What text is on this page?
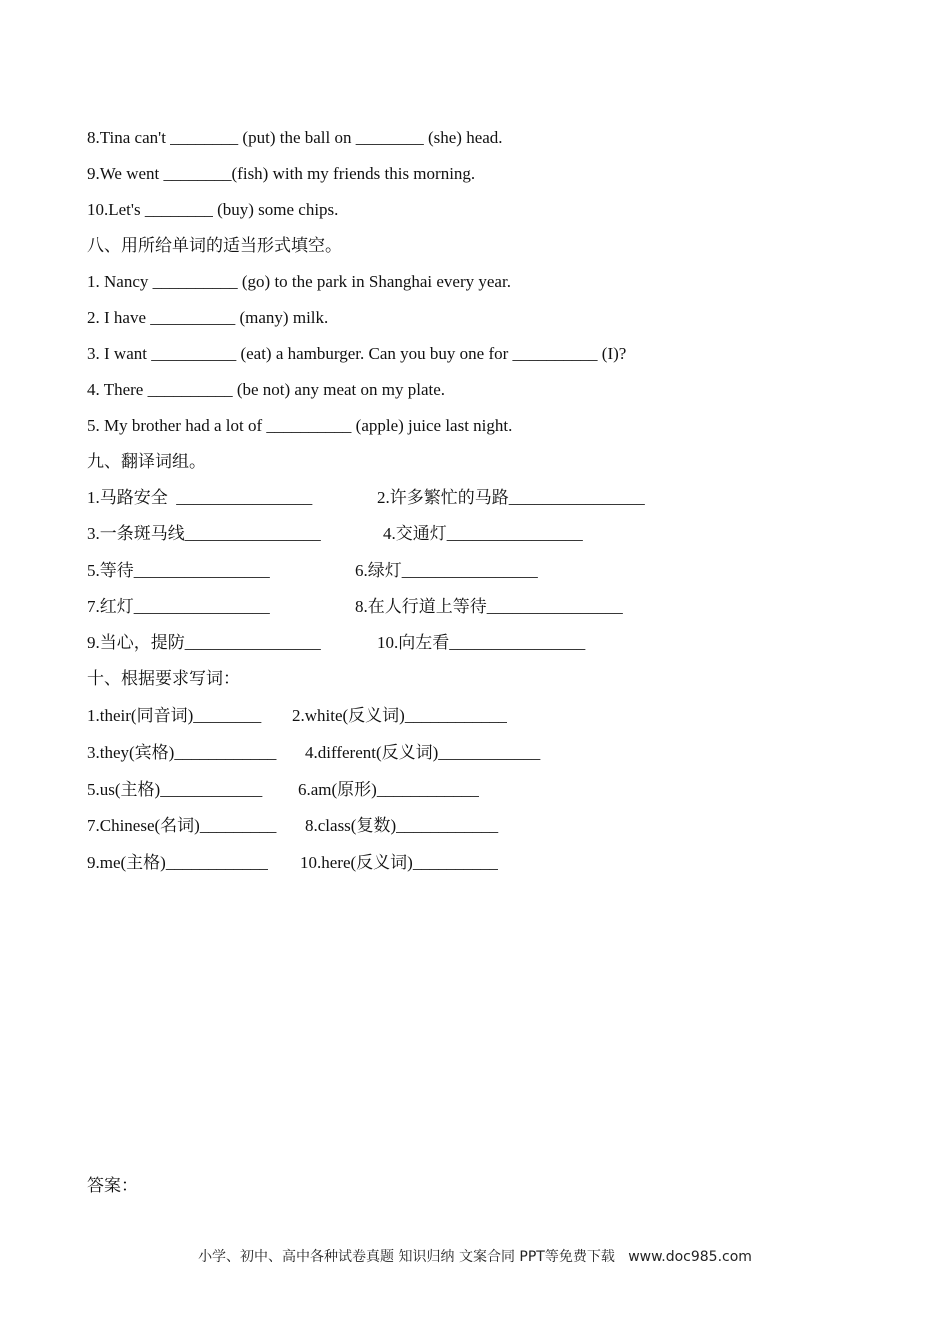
8.Tina can't ________ (put) the ball on ________ (she) head.
9.We went ________(fish) with my friends this morning.
10.Let's ________ (buy) some chips.
八、用所给单词的适当形式填空。
1. Nancy __________ (go) to the park in Shanghai every year.
2. I have __________ (many) milk.
3. I want __________ (eat) a hamburger. Can you buy one for __________ (I)?
4. There __________ (be not) any meat on my plate.
5. My brother had a lot of __________ (apple) juice last night.
九、翻译词组。
1.马路安全  ________________	2.许多繁忙的马路________________
3.一条斑马线________________	4.交通灯________________
5.等待________________	6.绿灯________________
7.红灯________________	8.在人行道上等待________________
9.当心，提防________________	10.向左看________________
十、根据要求写词：
1.their(同音词)________ 2.white(反义词)____________
3.they(宾格)____________ 4.different(反义词)____________
5.us(主格)____________ 6.am(原形)____________
7.Chinese(名词)_________ 8.class(复数)____________
9.me(主格)____________ 10.here(反义词)__________
答案：
小学、初中、高中各种试卷真题 知识归纳 文案合同 PPT等免费下载   www.doc985.com
